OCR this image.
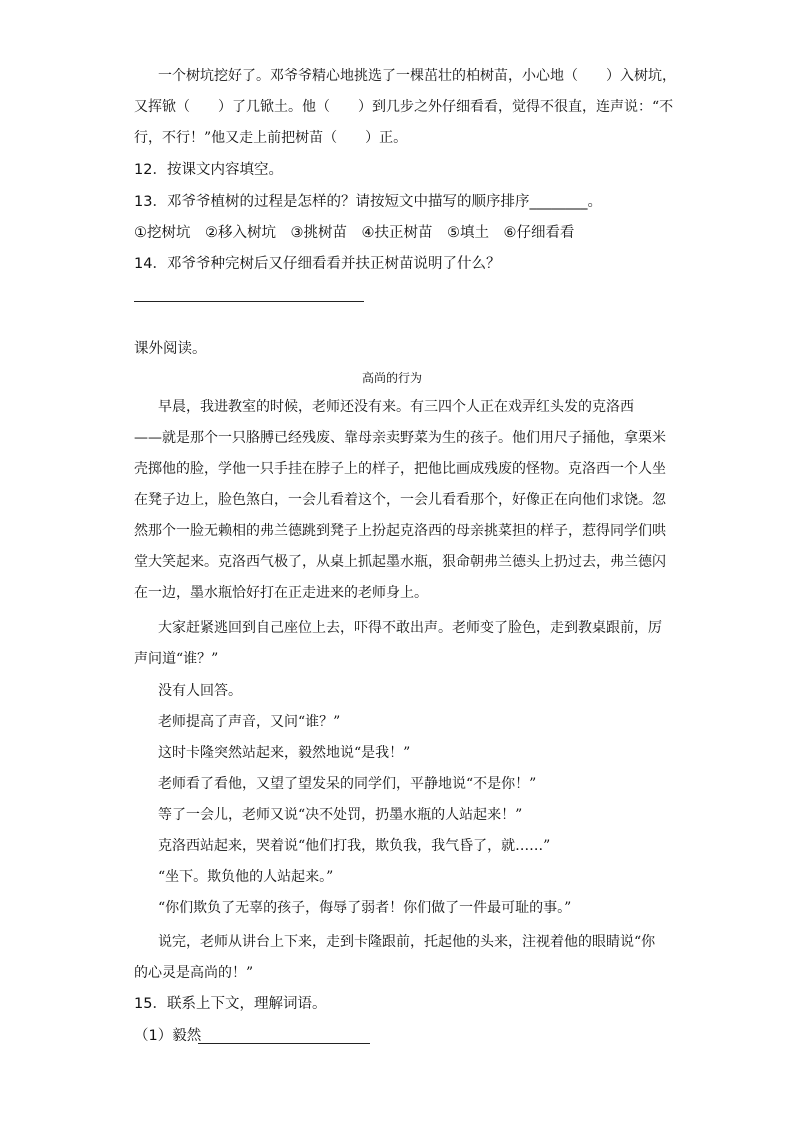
一个树坑挖好了。邓爷爷精心地挑选了一棵茁壮的柏树苗，小心地（　　）入树坑，
又挥锨（　　）了几锨土。他（　　）到几步之外仔细看看，觉得不很直，连声说：“不
行，不行！”他又走上前把树苗（　　）正。
12．按课文内容填空。
13．邓爷爷植树的过程是怎样的？请按短文中描写的顺序排序________。
①挖树坑　②移入树坑　③挑树苗　④扶正树苗　⑤填土　⑥仔细看看
14．邓爷爷种完树后又仔细看看并扶正树苗说明了什么？
课外阅读。
高尚的行为
早晨，我进教室的时候，老师还没有来。有三四个人正在戏弄红头发的克洛西
——就是那个一只胳膊已经残废、靠母亲卖野菜为生的孩子。他们用尺子捅他，拿栗米
壳掷他的脸，学他一只手挂在脖子上的样子，把他比画成残废的怪物。克洛西一个人坐
在凳子边上，脸色煞白，一会儿看着这个，一会儿看看那个，好像正在向他们求饶。忽
然那个一脸无赖相的弗兰德跳到凳子上扮起克洛西的母亲挑菜担的样子，惹得同学们哄
堂大笑起来。克洛西气极了，从桌上抓起墨水瓶，狠命朝弗兰德头上扔过去，弗兰德闪
在一边，墨水瓶恰好打在正走进来的老师身上。
大家赶紧逃回到自己座位上去，吓得不敢出声。老师变了脸色，走到教桌跟前，厉
声问道“谁？”
没有人回答。
老师提高了声音，又问“谁？”
这时卡隆突然站起来，毅然地说“是我！”
老师看了看他，又望了望发呆的同学们，平静地说“不是你！”
等了一会儿，老师又说“决不处罚，扔墨水瓶的人站起来！”
克洛西站起来，哭着说“他们打我，欺负我，我气昏了，就……”
“坐下。欺负他的人站起来。”
“你们欺负了无辜的孩子，侮辱了弱者！你们做了一件最可耻的事。”
说完，老师从讲台上下来，走到卡隆跟前，托起他的头来，注视着他的眼睛说“你
的心灵是高尚的！”
15．联系上下文，理解词语。
（1）毅然
